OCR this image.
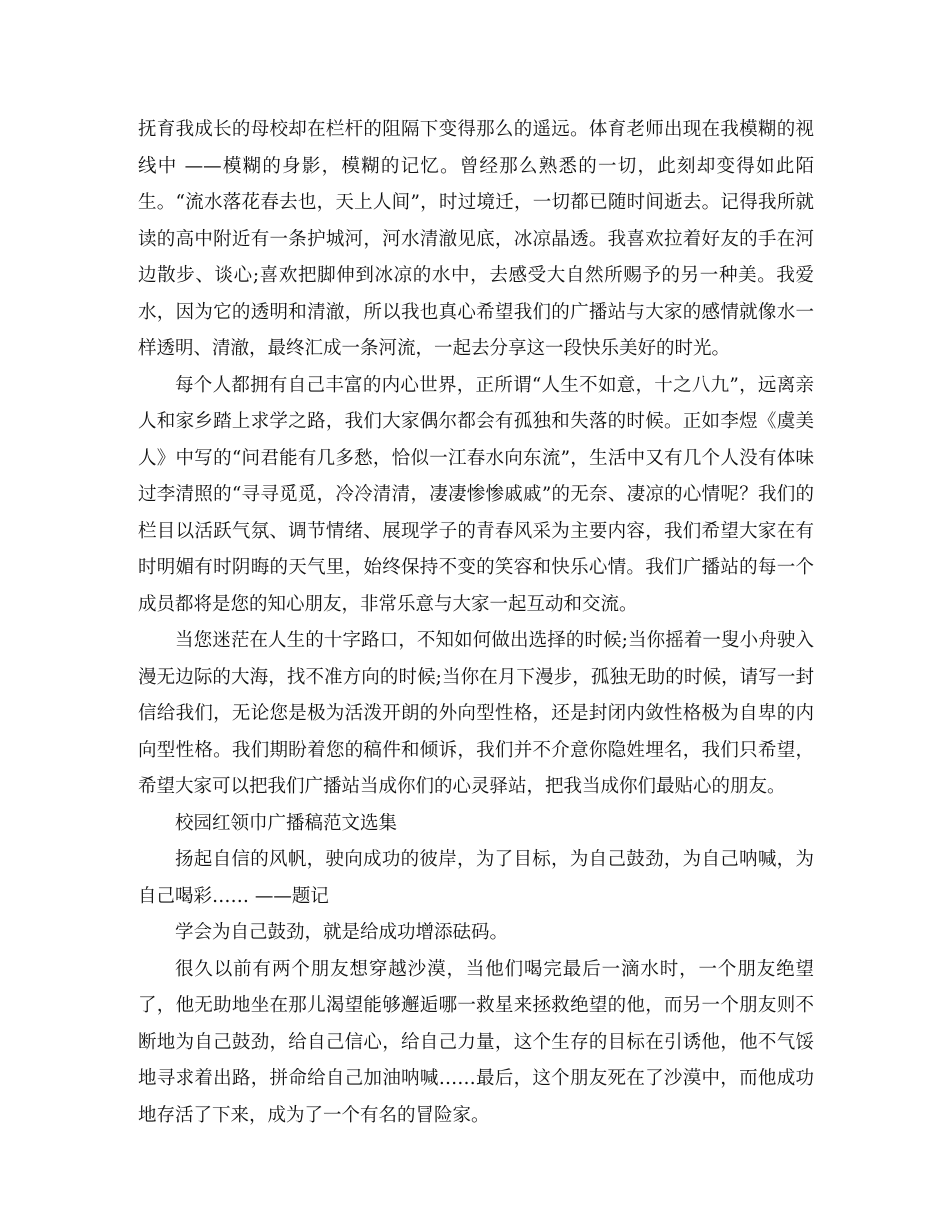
抚育我成长的母校却在栏杆的阻隔下变得那么的遥远。体育老师出现在我模糊的视线中 ——模糊的身影，模糊的记忆。曾经那么熟悉的一切，此刻却变得如此陌生。“流水落花春去也，天上人间”，时过境迁，一切都已随时间逝去。记得我所就读的高中附近有一条护城河，河水清澈见底，冰凉晶透。我喜欢拉着好友的手在河边散步、谈心;喜欢把脚伸到冰凉的水中，去感受大自然所赐予的另一种美。我爱水，因为它的透明和清澈，所以我也真心希望我们的广播站与大家的感情就像水一样透明、清澈，最终汇成一条河流，一起去分享这一段快乐美好的时光。

每个人都拥有自己丰富的内心世界，正所谓“人生不如意，十之八九”，远离亲人和家乡踏上求学之路，我们大家偶尔都会有孤独和失落的时候。正如李煜《虞美人》中写的“问君能有几多愁，恰似一江春水向东流”，生活中又有几个人没有体味过李清照的“寻寻觅觅，冷冷清清，凄凄惨惨戚戚”的无奈、凄凉的心情呢？我们的栏目以活跃气氛、调节情绪、展现学子的青春风采为主要内容，我们希望大家在有时明媚有时阴晦的天气里，始终保持不变的笑容和快乐心情。我们广播站的每一个成员都将是您的知心朋友，非常乐意与大家一起互动和交流。

当您迷茫在人生的十字路口，不知如何做出选择的时候;当你摇着一叟小舟驶入漫无边际的大海，找不准方向的时候;当你在月下漫步，孤独无助的时候，请写一封信给我们，无论您是极为活泼开朗的外向型性格，还是封闭内敛性格极为自卑的内向型性格。我们期盼着您的稿件和倾诉，我们并不介意你隐姓埋名，我们只希望，希望大家可以把我们广播站当成你们的心灵驿站，把我当成你们最贴心的朋友。

校园红领巾广播稿范文选集

扬起自信的风帆，驶向成功的彼岸，为了目标，为自己鼓劲，为自己呐喊，为自己喝彩…… ——题记

学会为自己鼓劲，就是给成功增添砝码。

很久以前有两个朋友想穿越沙漠，当他们喝完最后一滴水时，一个朋友绝望了，他无助地坐在那儿渴望能够邂逅哪一救星来拯救绝望的他，而另一个朋友则不断地为自己鼓劲，给自己信心，给自己力量，这个生存的目标在引诱他，他不气馁地寻求着出路，拼命给自己加油呐喊……最后，这个朋友死在了沙漠中，而他成功地存活了下来，成为了一个有名的冒险家。
